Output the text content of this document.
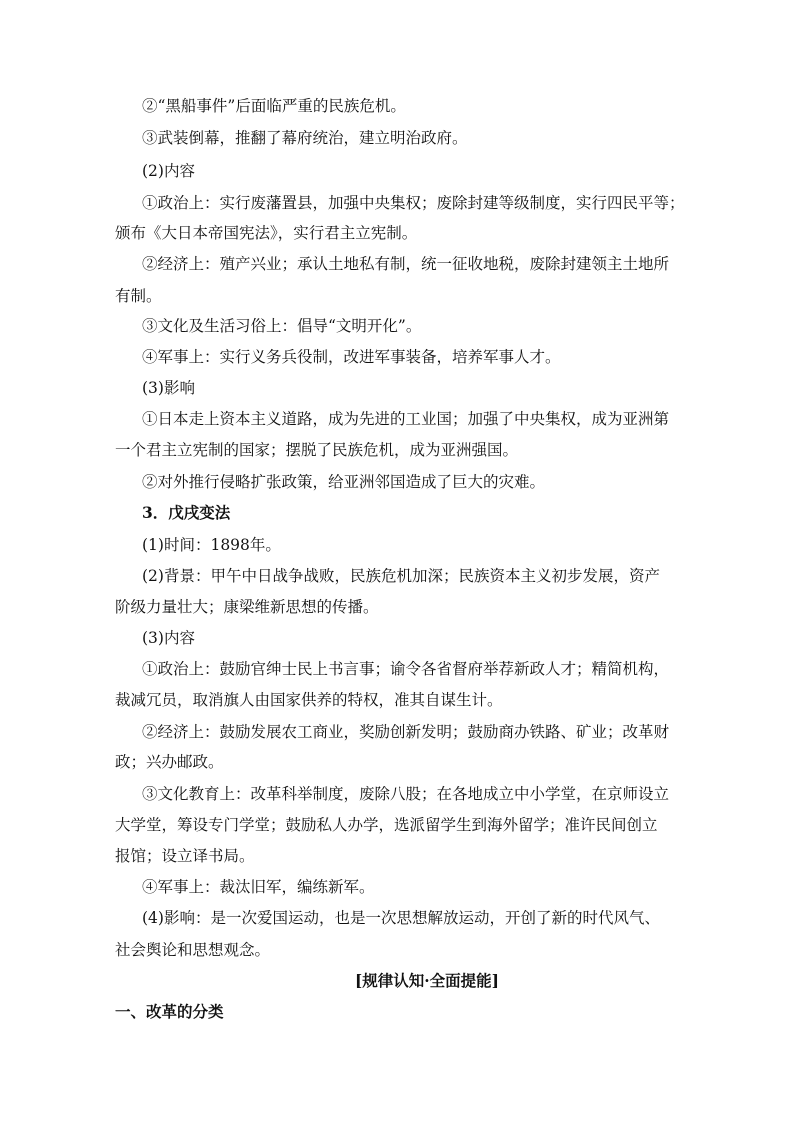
②“黑船事件”后面临严重的民族危机。
③武装倒幕，推翻了幕府统治，建立明治政府。
(2)内容
①政治上：实行废藩置县，加强中央集权；废除封建等级制度，实行四民平等；
颁布《大日本帝国宪法》，实行君主立宪制。
②经济上：殖产兴业；承认土地私有制，统一征收地税，废除封建领主土地所
有制。
③文化及生活习俗上：倡导“文明开化”。
④军事上：实行义务兵役制，改进军事装备，培养军事人才。
(3)影响
①日本走上资本主义道路，成为先进的工业国；加强了中央集权，成为亚洲第
一个君主立宪制的国家；摆脱了民族危机，成为亚洲强国。
②对外推行侵略扩张政策，给亚洲邻国造成了巨大的灾难。
3．戊戌变法
(1)时间：1898年。
(2)背景：甲午中日战争战败，民族危机加深；民族资本主义初步发展，资产
阶级力量壮大；康梁维新思想的传播。
(3)内容
①政治上：鼓励官绅士民上书言事；谕令各省督府举荐新政人才；精简机构，
裁减冗员，取消旗人由国家供养的特权，准其自谋生计。
②经济上：鼓励发展农工商业，奖励创新发明；鼓励商办铁路、矿业；改革财
政；兴办邮政。
③文化教育上：改革科举制度，废除八股；在各地成立中小学堂，在京师设立
大学堂，筹设专门学堂；鼓励私人办学，选派留学生到海外留学；准许民间创立
报馆；设立译书局。
④军事上：裁汰旧军，编练新军。
(4)影响：是一次爱国运动，也是一次思想解放运动，开创了新的时代风气、
社会舆论和思想观念。
[规律认知·全面提能]
一、改革的分类
